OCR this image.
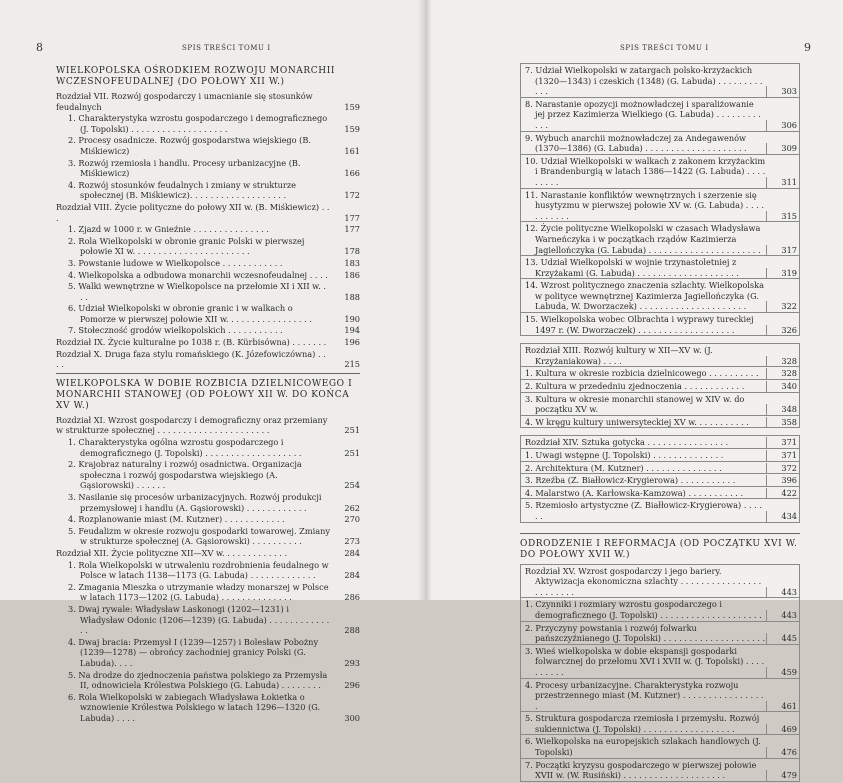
8	SPIS TREŚCI TOMU I
WIELKOPOLSKA OŚRODKIEM ROZWOJU MONARCHII WCZESNOFEUDALNEJ (DO POŁOWY XII W.)
Rozdział VII. Rozwój gospodarczy i umacnianie się stosunków feudalnych	159
1. Charakterystyka wzrostu gospodarczego i demograficznego (J. Topolski) . . . . . . . . . . . . . . . . . . .	159
2. Procesy osadnicze. Rozwój gospodarstwa wiejskiego (B. Miśkiewicz)	161
3. Rozwój rzemiosła i handlu. Procesy urbanizacyjne (B. Miśkiewicz)	166
4. Rozwój stosunków feudalnych i zmiany w strukturze społecznej (B. Miśkiewicz). . . . . . . . . . . . . . . . . . .	172
Rozdział VIII. Życie polityczne do połowy XII w. (B. Miśkiewicz) . . .	177
1. Zjazd w 1000 r. w Gnieźnie . . . . . . . . . . . . . . .	177
2. Rola Wielkopolski w obronie granic Polski w pierwszej połowie XI w. . . . . . . . . . . . . . . . . . . . . . .	178
3. Powstanie ludowe w Wielkopolsce . . . . . . . . . . . .	183
4. Wielkopolska a odbudowa monarchii wczesnofeudalnej . . . .	186
5. Walki wewnętrzne w Wielkopolsce na przełomie XI i XII w. . . .	188
6. Udział Wielkopolski w obronie granic i w walkach o Pomorze w pierwszej połowie XII w. . . . . . . . . . . . . . . . .	190
7. Stołeczność grodów wielkopolskich . . . . . . . . . . .	194
Rozdział IX. Życie kulturalne po 1038 r. (B. Kürbisówna) . . . . . . .	196
Rozdział X. Druga faza stylu romańskiego (K. Józefowiczówna) . . . .	215
WIELKOPOLSKA W DOBIE ROZBICIA DZIELNICOWEGO I MONARCHII STANOWEJ (OD POŁOWY XII W. DO KOŃCA XV W.)
Rozdział XI. Wzrost gospodarczy i demograficzny oraz przemiany w strukturze społecznej . . . . . . . . . . . . . . . . . . . . . .	251
1. Charakterystyka ogólna wzrostu gospodarczego i demograficznego (J. Topolski) . . . . . . . . . . . . . . . . . . .	251
2. Krajobraz naturalny i rozwój osadnictwa. Organizacja społeczna i rozwój gospodarstwa wiejskiego (A. Gąsiorowski) . . . . . .	254
3. Nasilanie się procesów urbanizacyjnych. Rozwój produkcji przemysłowej i handlu (A. Gąsiorowski) . . . . . . . . . . . .	262
4. Rozplanowanie miast (M. Kutzner) . . . . . . . . . . . .	270
5. Feudalizm w okresie rozwoju gospodarki towarowej. Zmiany w strukturze społecznej (A. Gąsiorowski) . . . . . . . . . .	273
Rozdział XII. Życie polityczne XII—XV w. . . . . . . . . . . . .	284
1. Rola Wielkopolski w utrwaleniu rozdrobnienia feudalnego w Polsce w latach 1138—1173 (G. Labuda) . . . . . . . . . . . . .	284
2. Zmagania Mieszka o utrzymanie władzy monarszej w Polsce w latach 1173—1202 (G. Labuda) . . . . . . . . . . . . . .	286
3. Dwaj rywale: Władysław Laskonogi (1202—1231) i Władysław Odonic (1206—1239) (G. Labuda) . . . . . . . . . . . . . .	288
4. Dwaj bracia: Przemysł I (1239—1257) i Bolesław Pobożny (1239—1278) — obrońcy zachodniej granicy Polski (G. Labuda). . . .	293
5. Na drodze do zjednoczenia państwa polskiego za Przemysła II, odnowiciela Królestwa Polskiego (G. Labuda) . . . . . . . .	296
6. Rola Wielkopolski w zabiegach Władysława Łokietka o wznowienie Królestwa Polskiego w latach 1296—1320 (G. Labuda) . . . .	300
SPIS TREŚCI TOMU I	9
7. Udział Wielkopolski w zatargach polsko-krzyżackich (1320—1343) i czeskich (1348) (G. Labuda) . . . . . . . . . . . .	303
8. Narastanie opozycji możnowładczej i sparaliżowanie jej przez Kazimierza Wielkiego (G. Labuda) . . . . . . . . . . . .	306
9. Wybuch anarchii możnowładczej za Andegawenów (1370—1386) (G. Labuda) . . . . . . . . . . . . . . . . . . . .	309
10. Udział Wielkopolski w walkach z zakonem krzyżackim i Brandenburgią w latach 1386—1422 (G. Labuda) . . . . . . . . .	311
11. Narastanie konfliktów wewnętrznych i szerzenie się husytyzmu w pierwszej połowie XV w. (G. Labuda) . . . . . . . . . . .	315
12. Życie polityczne Wielkopolski w czasach Władysława Warneńczyka i w początkach rządów Kazimierza Jagiellończyka (G. Labuda) . . . . . . . . . . . . . . . . . . . . . .	317
13. Udział Wielkopolski w wojnie trzynastoletniej z Krzyżakami (G. Labuda) . . . . . . . . . . . . . . . . . . . .	319
14. Wzrost politycznego znaczenia szlachty. Wielkopolska w polityce wewnętrznej Kazimierza Jagiellończyka (G. Labuda, W. Dworzaczek) . . . . . . . . . . . . . . . . . . . . .	322
15. Wielkopolska wobec Olbrachta i wyprawy tureckiej 1497 r. (W. Dworzaczek) . . . . . . . . . . . . . . . . . . .	326
Rozdział XIII. Rozwój kultury w XII—XV w. (J. Krzyżaniakowa) . . . .	328
1. Kultura w okresie rozbicia dzielnicowego . . . . . . . . . .	328
2. Kultura w przededniu zjednoczenia . . . . . . . . . . . .	340
3. Kultura w okresie monarchii stanowej w XIV w. do początku XV w.	348
4. W kręgu kultury uniwersyteckiej XV w. . . . . . . . . . .	358
Rozdział XIV. Sztuka gotycka . . . . . . . . . . . . . . . .	371
1. Uwagi wstępne (J. Topolski) . . . . . . . . . . . . . .	371
2. Architektura (M. Kutzner) . . . . . . . . . . . . . . .	372
3. Rzeźba (Z. Białłowicz-Krygierowa) . . . . . . . . . . .	396
4. Malarstwo (A. Karłowska-Kamzowa) . . . . . . . . . . .	422
5. Rzemiosło artystyczne (Z. Białłowicz-Krygierowa) . . . . . .	434
ODRODZENIE I REFORMACJA (OD POCZĄTKU XVI W. DO POŁOWY XVII W.)
Rozdział XV. Wzrost gospodarczy i jego bariery. Aktywizacja ekonomiczna szlachty . . . . . . . . . . . . . . . . . . . . . . . .	443
1. Czynniki i rozmiary wzrostu gospodarczego i demograficznego (J. Topolski) . . . . . . . . . . . . . . . . . . . .	443
2. Przyczyny powstania i rozwój folwarku pańszczyźnianego (J. Topolski) . . . . . . . . . . . . . . . . . . . .	445
3. Wieś wielkopolska w dobie ekspansji gospodarki folwarcznej do przełomu XVI i XVII w. (J. Topolski) . . . . . . . . . .	459
4. Procesy urbanizacyjne. Charakterystyka rozwoju przestrzennego miast (M. Kutzner) . . . . . . . . . . . . . . . . .	461
5. Struktura gospodarcza rzemiosła i przemysłu. Rozwój sukiennictwa (J. Topolski) . . . . . . . . . . . . . . . . . .	469
6. Wielkopolska na europejskich szlakach handlowych (J. Topolski)	476
7. Początki kryzysu gospodarczego w pierwszej połowie XVII w. (W. Rusiński) . . . . . . . . . . . . . . . . . . . .	479
